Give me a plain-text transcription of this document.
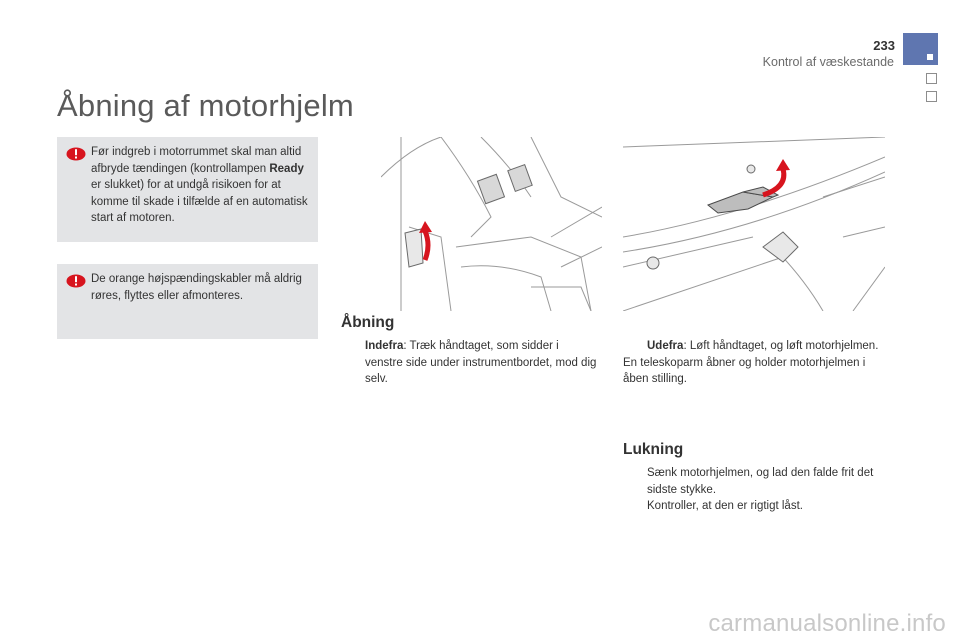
233
Kontrol af væskestande
Åbning af motorhjelm
Før indgreb i motorrummet skal man altid afbryde tændingen (kontrollampen Ready er slukket) for at undgå risikoen for at komme til skade i tilfælde af en automatisk start af motoren.
De orange højspændingskabler må aldrig røres, flyttes eller afmonteres.
Åbning
Indefra: Træk håndtaget, som sidder i venstre side under instrumentbordet, mod dig selv.
Udefra: Løft håndtaget, og løft motorhjelmen.
En teleskoparm åbner og holder motorhjelmen i åben stilling.
Lukning
Sænk motorhjelmen, og lad den falde frit det sidste stykke.
Kontroller, at den er rigtigt låst.
carmanualsonline.info
